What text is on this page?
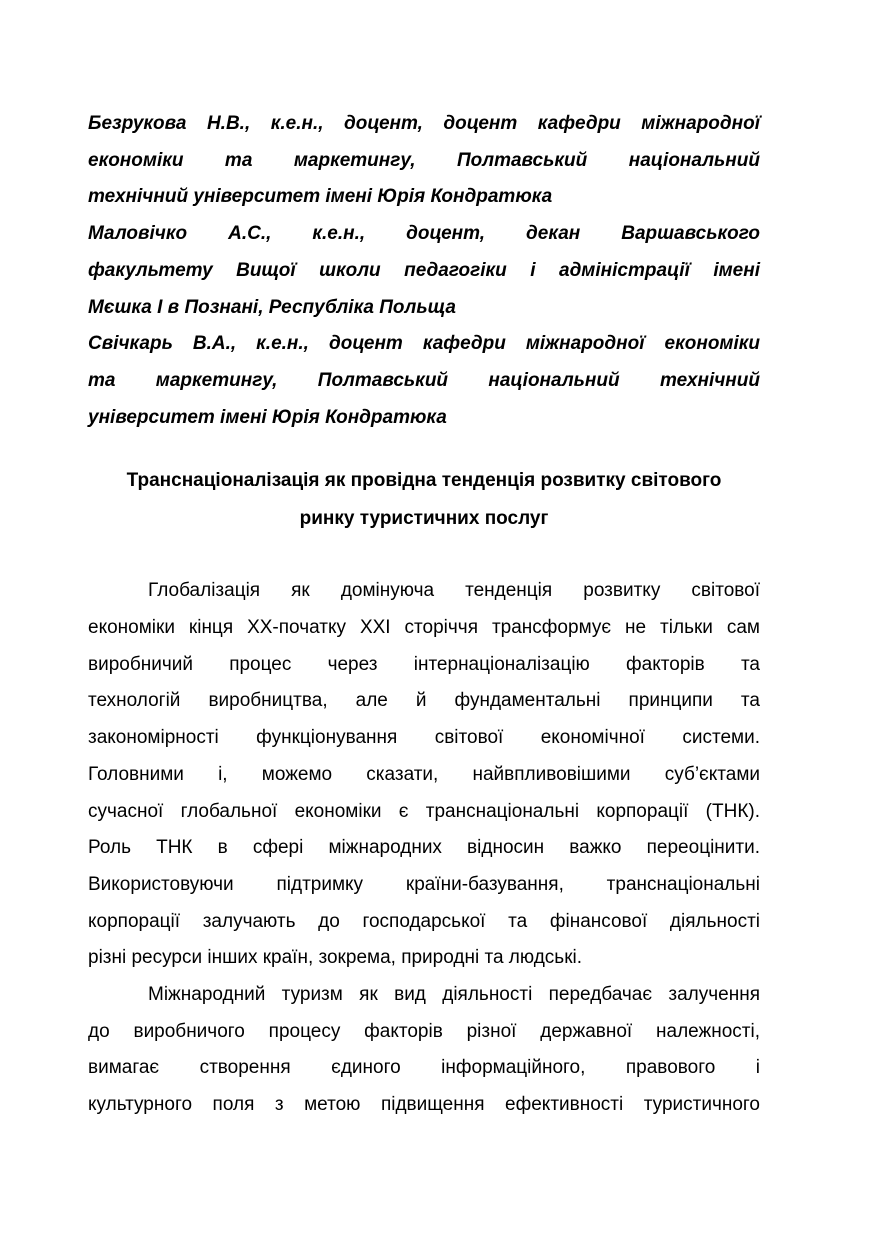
Безрукова Н.В., к.е.н., доцент, доцент кафедри міжнародної
економіки та маркетингу, Полтавський національний
технічний університет імені Юрія Кондратюка
Маловічко А.С., к.е.н., доцент, декан Варшавського
факультету Вищої школи педагогіки і адміністрації імені
Мєшка І в Познані, Республіка Польща
Свічкарь В.А., к.е.н., доцент кафедри міжнародної економіки
та маркетингу, Полтавський національний технічний
університет імені Юрія Кондратюка
Транснаціоналізація як провідна тенденція розвитку світового
ринку туристичних послуг
Глобалізація як домінуюча тенденція розвитку світової
економіки кінця ХХ-початку ХХІ сторіччя трансформує не тільки сам
виробничий процес через інтернаціоналізацію факторів та
технологій виробництва, але й фундаментальні принципи та
закономірності функціонування світової економічної системи.
Головними і, можемо сказати, найвпливовішими суб’єктами
сучасної глобальної економіки є транснаціональні корпорації (ТНК).
Роль ТНК в сфері міжнародних відносин важко переоцінити.
Використовуючи підтримку країни-базування, транснаціональні
корпорації залучають до господарської та фінансової діяльності
різні ресурси інших країн, зокрема, природні та людські.
Міжнародний туризм як вид діяльності передбачає залучення
до виробничого процесу факторів різної державної належності,
вимагає створення єдиного інформаційного, правового і
культурного поля з метою підвищення ефективності туристичного
